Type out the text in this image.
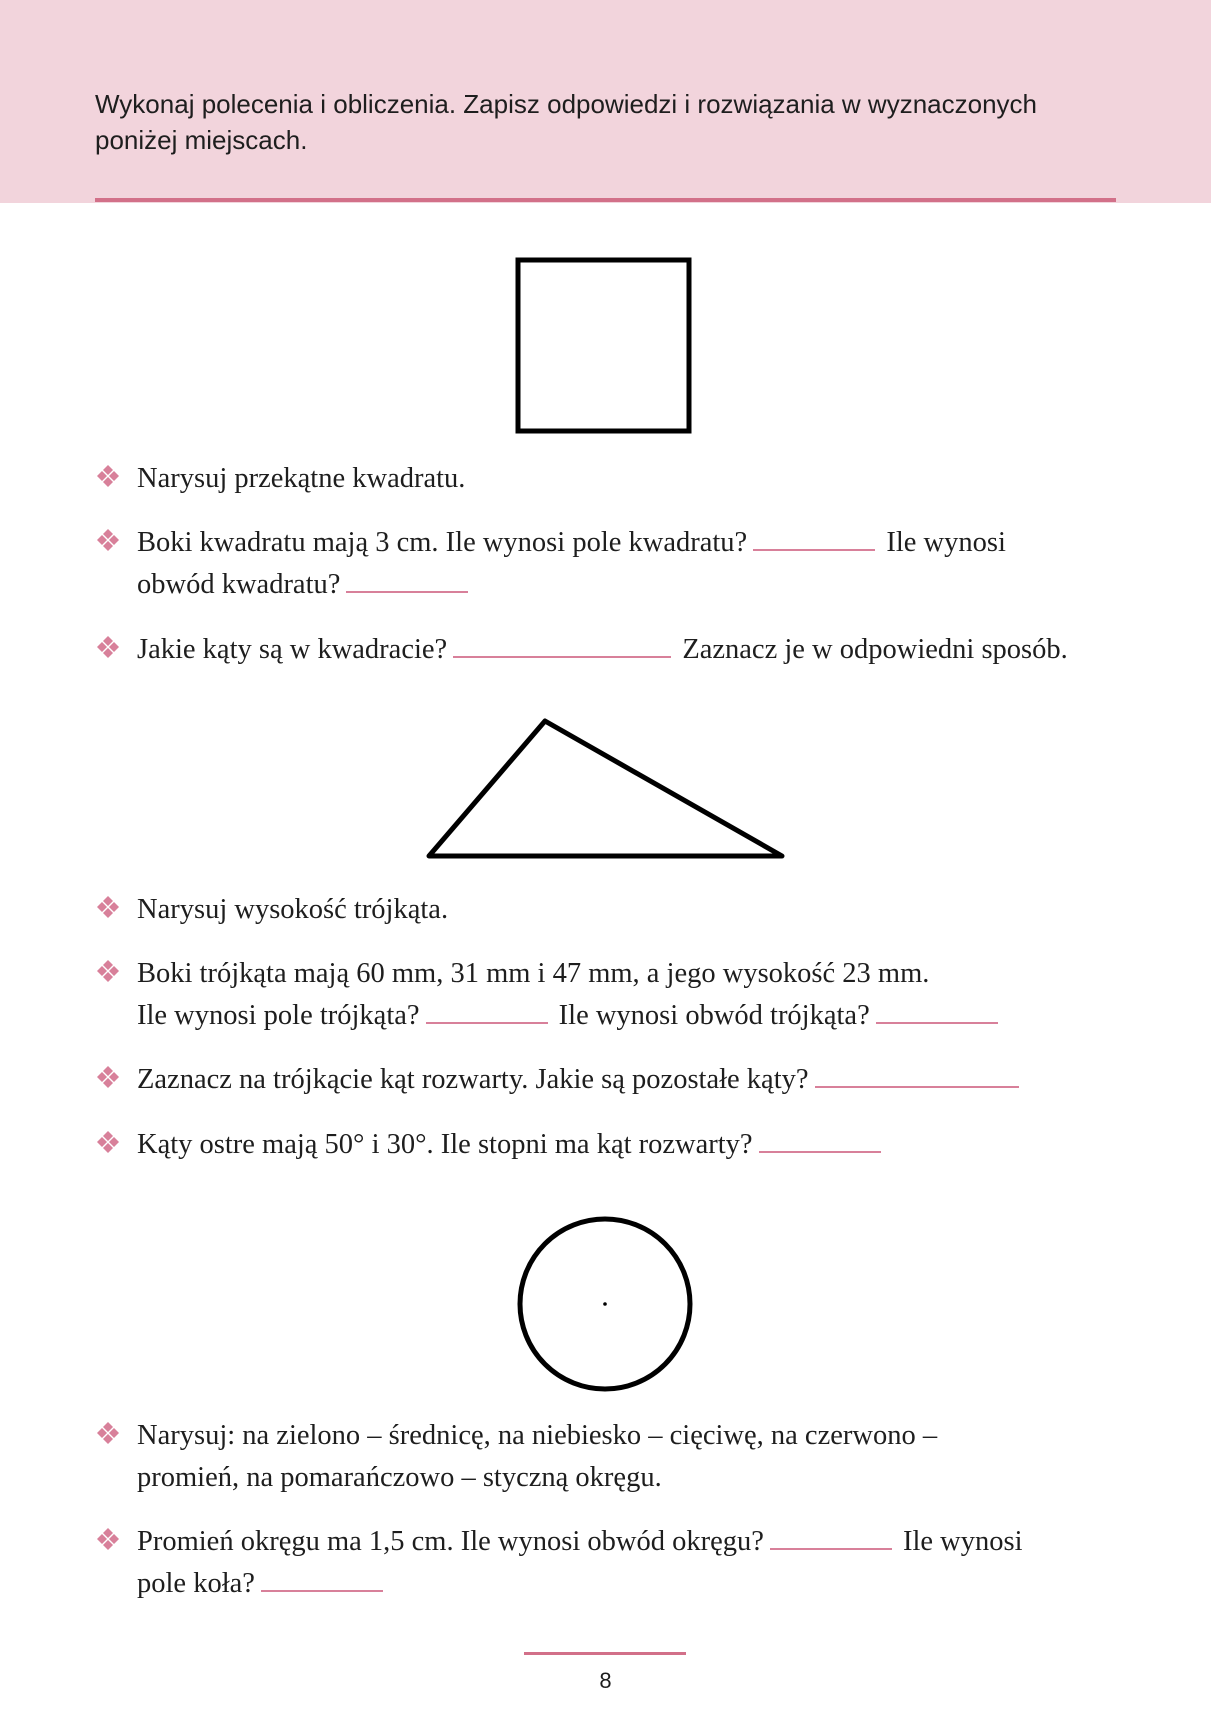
Wykonaj polecenia i obliczenia. Zapisz odpowiedzi i rozwiązania w wyznaczonych poniżej miejscach.
Narysuj przekątne kwadratu.
Boki kwadratu mają 3 cm. Ile wynosi pole kwadratu?	Ile wynosi
obwód kwadratu?
Jakie kąty są w kwadracie?	Zaznacz je w odpowiedni sposób.
Narysuj wysokość trójkąta.
Boki trójkąta mają 60 mm, 31 mm i 47 mm, a jego wysokość 23 mm.
Ile wynosi pole trójkąta?	Ile wynosi obwód trójkąta?
Zaznacz na trójkącie kąt rozwarty. Jakie są pozostałe kąty?
Kąty ostre mają 50° i 30°. Ile stopni ma kąt rozwarty?
Narysuj: na zielono – średnicę, na niebiesko – cięciwę, na czerwono –
promień, na pomarańczowo – styczną okręgu.
Promień okręgu ma 1,5 cm. Ile wynosi obwód okręgu?	Ile wynosi
pole koła?
8
